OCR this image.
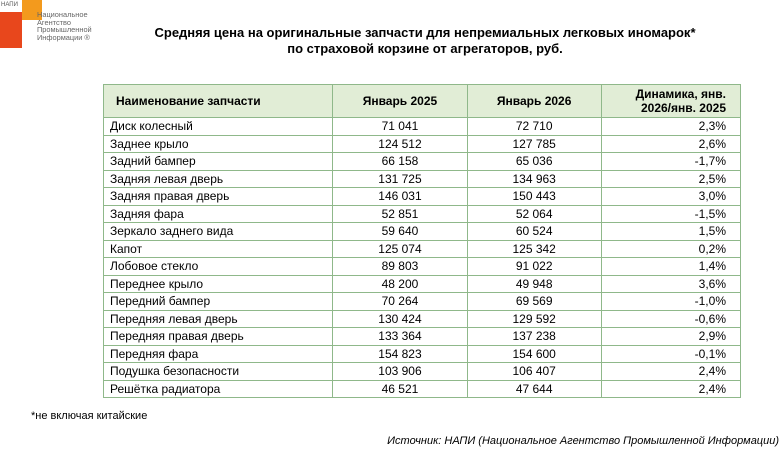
НАПИ
Национальное
Агентство
Промышленной
Информации ®	Средняя цена на оригинальные запчасти для непремиальных легковых иномарок*
по страховой корзине от агрегаторов, руб.
Наименование запчасти	Январь 2025	Январь 2026	Динамика, янв. 2026/янв. 2025
Диск колесный	71 041	72 710	2,3%
Заднее крыло	124 512	127 785	2,6%
Задний бампер	66 158	65 036	-1,7%
Задняя левая дверь	131 725	134 963	2,5%
Задняя правая дверь	146 031	150 443	3,0%
Задняя фара	52 851	52 064	-1,5%
Зеркало заднего вида	59 640	60 524	1,5%
Капот	125 074	125 342	0,2%
Лобовое стекло	89 803	91 022	1,4%
Переднее крыло	48 200	49 948	3,6%
Передний бампер	70 264	69 569	-1,0%
Передняя левая дверь	130 424	129 592	-0,6%
Передняя правая дверь	133 364	137 238	2,9%
Передняя фара	154 823	154 600	-0,1%
Подушка безопасности	103 906	106 407	2,4%
Решётка радиатора	46 521	47 644	2,4%
*не включая китайские
Источник: НАПИ (Национальное Агентство Промышленной Информации)
